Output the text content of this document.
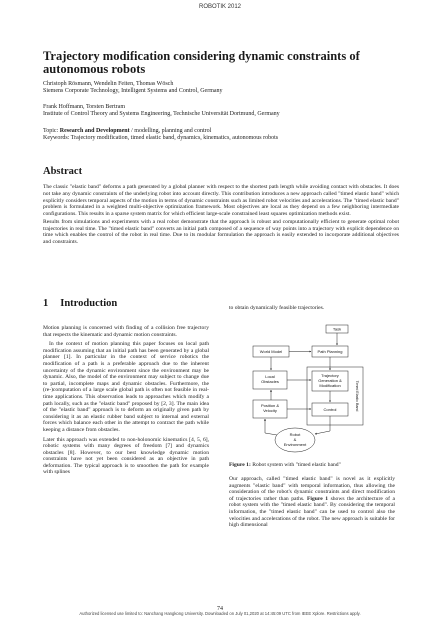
ROBOTIK 2012
Trajectory modification considering dynamic constraints of autonomous robots
Christoph Rösmann, Wendelin Feiten, Thomas Wösch
Siemens Corporate Technology, Intelligent Systems and Control, Germany
Frank Hoffmann, Torsten Bertram
Institute of Control Theory and Systems Engineering, Technische Universität Dortmund, Germany
Topic: Research and Development / modelling, planning and control
Keywords: Trajectory modification, timed elastic band, dynamics, kinematics, autonomous robots
Abstract

The classic "elastic band" deforms a path generated by a global planner with respect to the shortest path length while avoiding contact with obstacles. It does not take any dynamic constraints of the underlying robot into account directly. This contribution introduces a new approach called "timed elastic band" which explicitly considers temporal aspects of the motion in terms of dynamic constraints such as limited robot velocities and accelerations. The "timed elastic band" problem is formulated in a weighted multi-objective optimization framework. Most objectives are local as they depend on a few neighboring intermediate configurations. This results in a sparse system matrix for which efficient large-scale constrained least squares optimization methods exist.

Results from simulations and experiments with a real robot demonstrate that the approach is robust and computationally efficient to generate optimal robot trajectories in real time. The "timed elastic band" converts an initial path composed of a sequence of way points into a trajectory with explicit dependence on time which enables the control of the robot in real time. Due to its modular formulation the approach is easily extended to incorporate additional objectives and constraints.

1 Introduction

Motion planning is concerned with finding of a collision free trajectory that respects the kinematic and dynamic motion constraints.

In the context of motion planning this paper focuses on local path modification assuming that an initial path has been generated by a global planner [1]. In particular in the context of service robotics the modification of a path is a preferable approach due to the inherent uncertainty of the dynamic environment since the environment may be dynamic. Also, the model of the environment may subject to change due to partial, incomplete maps and dynamic obstacles. Furthermore, the (re-)computation of a large scale global path is often not feasible in real-time applications. This observation leads to approaches which modify a path locally, such as the "elastic band" proposed by [2, 3]. The main idea of the "elastic band" approach is to deform an originally given path by considering it as an elastic rubber band subject to internal and external forces which balance each other in the attempt to contract the path while keeping a distance from obstacles.

Later this approach was extended to non-holonomic kinematics [4, 5, 6], robotic systems with many degrees of freedom [7] and dynamics obstacles [8]. However, to our best knowledge dynamic motion constraints have not yet been considered as an objective in path deformation. The typical approach is to smoothen the path for example with splines

to obtain dynamically feasible trajectories.
Task
World Model	Path Planning
Local
Obstacles
Trajectory
Generation &
Modification
Position &
Velocity	Control	Timed Elastic Band
Robot
&
Environment
Figure 1: Robot system with "timed elastic band"

Our approach, called "timed elastic band" is novel as it explicitly augments "elastic band" with temporal information, thus allowing the consideration of the robot's dynamic constraints and direct modification of trajectories rather than paths. Figure 1 shows the architecture of a robot system with the "timed elastic band". By considering the temporal information, the "timed elastic band" can be used to control also the velocities and accelerations of the robot. The new approach is suitable for high dimensional

74
Authorized licensed use limited to: Nanchang Hangkong University. Downloaded on July 01,2020 at 14:45:09 UTC from IEEE Xplore. Restrictions apply.
